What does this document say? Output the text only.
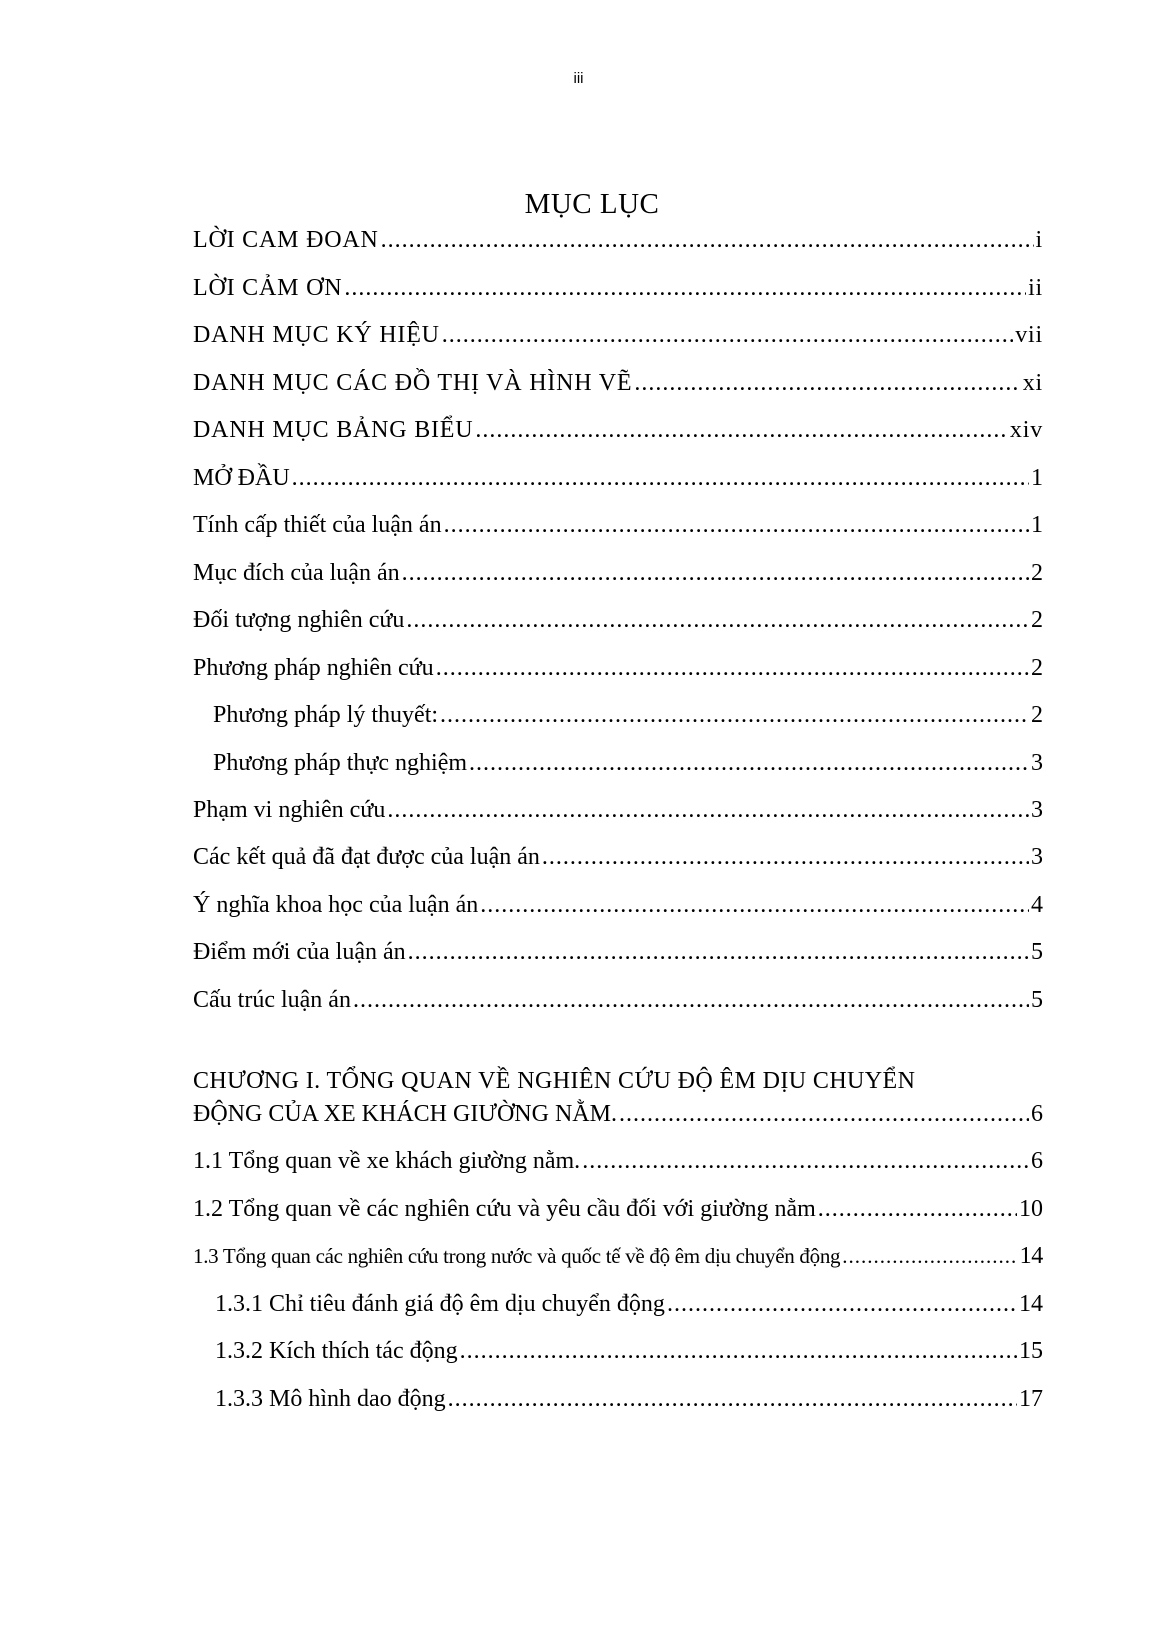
iii
MỤC LỤC
LỜI CAM ĐOAN .....	i
LỜI CẢM ƠN .....	ii
DANH MỤC KÝ HIỆU .....	vii
DANH MỤC CÁC ĐỒ THỊ VÀ HÌNH VẼ .....	xi
DANH MỤC BẢNG BIỂU .....	xiv
MỞ ĐẦU .....	1
Tính cấp thiết của luận án .....	1
Mục đích của luận án .....	2
Đối tượng nghiên cứu .....	2
Phương pháp nghiên cứu .....	2
Phương pháp lý thuyết: .....	2
Phương pháp thực nghiệm .....	3
Phạm vi nghiên cứu .....	3
Các kết quả đã đạt được của luận án .....	3
Ý nghĩa khoa học của luận án .....	4
Điểm mới của luận án .....	5
Cấu trúc luận án .....	5
CHƯƠNG I. TỔNG QUAN VỀ NGHIÊN CỨU ĐỘ ÊM DỊU CHUYỂN
ĐỘNG CỦA XE KHÁCH GIƯỜNG NẰM. .....	6
1.1 Tổng quan về xe khách giường nằm. .....	6
1.2 Tổng quan về các nghiên cứu và yêu cầu đối với giường nằm .....	10
1.3 Tổng quan các nghiên cứu trong nước và quốc tế về độ êm dịu chuyển động .....	14
1.3.1 Chỉ tiêu đánh giá độ êm dịu chuyển động .....	14
1.3.2 Kích thích tác động .....	15
1.3.3 Mô hình dao động .....	17
